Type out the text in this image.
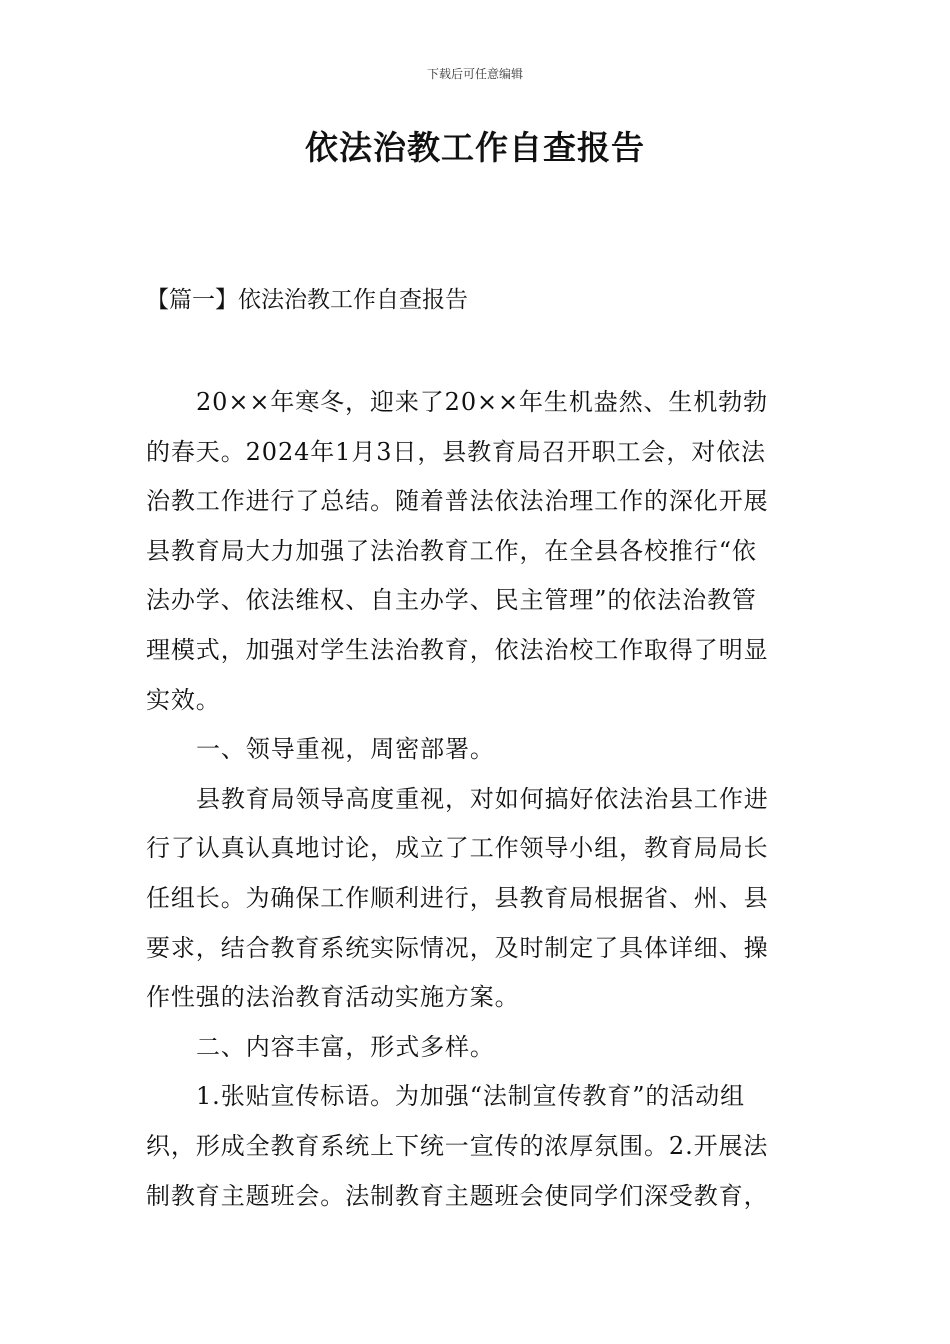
下载后可任意编辑
依法治教工作自查报告
【篇一】依法治教工作自查报告
20××年寒冬，迎来了20××年生机盎然、生机勃勃
的春天。2024年1月3日，县教育局召开职工会，对依法
治教工作进行了总结。随着普法依法治理工作的深化开展
县教育局大力加强了法治教育工作，在全县各校推行“依
法办学、依法维权、自主办学、民主管理”的依法治教管
理模式，加强对学生法治教育，依法治校工作取得了明显
实效。
一、领导重视，周密部署。
县教育局领导高度重视，对如何搞好依法治县工作进
行了认真认真地讨论，成立了工作领导小组，教育局局长
任组长。为确保工作顺利进行，县教育局根据省、州、县
要求，结合教育系统实际情况，及时制定了具体详细、操
作性强的法治教育活动实施方案。
二、内容丰富，形式多样。
1.张贴宣传标语。为加强“法制宣传教育”的活动组
织，形成全教育系统上下统一宣传的浓厚氛围。2.开展法
制教育主题班会。法制教育主题班会使同学们深受教育，
